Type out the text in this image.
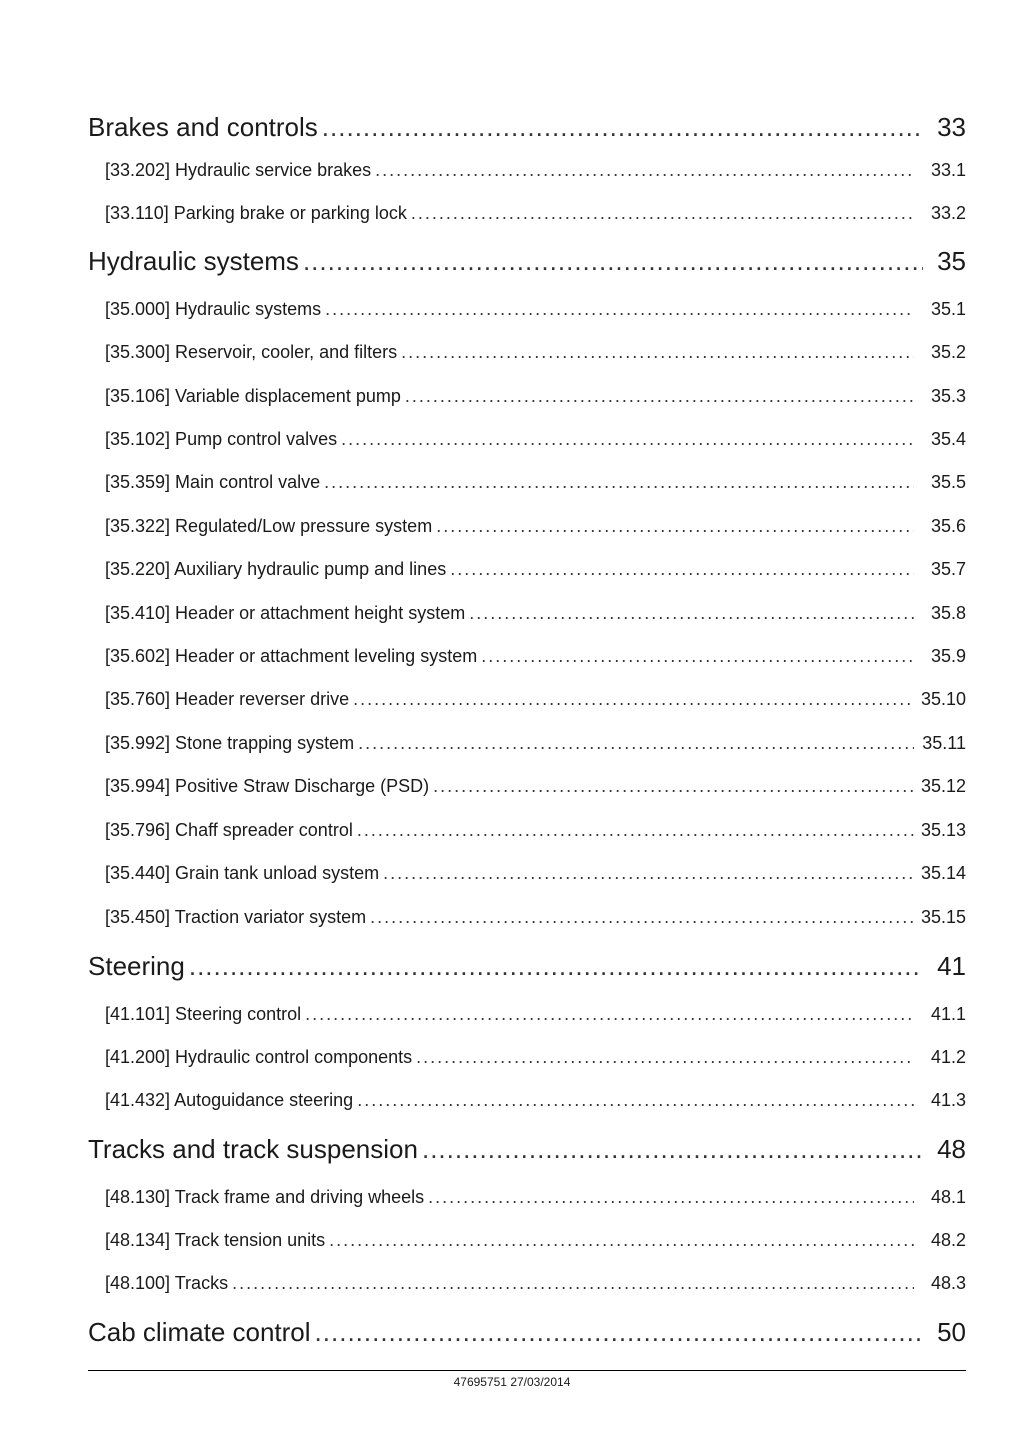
Brakes and controls .....	33
[33.202] Hydraulic service brakes .....	33.1
[33.110] Parking brake or parking lock .....	33.2
Hydraulic systems .....	35
[35.000] Hydraulic systems .....	35.1
[35.300] Reservoir, cooler, and filters .....	35.2
[35.106] Variable displacement pump .....	35.3
[35.102] Pump control valves .....	35.4
[35.359] Main control valve .....	35.5
[35.322] Regulated/Low pressure system .....	35.6
[35.220] Auxiliary hydraulic pump and lines .....	35.7
[35.410] Header or attachment height system .....	35.8
[35.602] Header or attachment leveling system .....	35.9
[35.760] Header reverser drive .....	35.10
[35.992] Stone trapping system .....	35.11
[35.994] Positive Straw Discharge (PSD) .....	35.12
[35.796] Chaff spreader control .....	35.13
[35.440] Grain tank unload system .....	35.14
[35.450] Traction variator system .....	35.15
Steering .....	41
[41.101] Steering control .....	41.1
[41.200] Hydraulic control components .....	41.2
[41.432] Autoguidance steering .....	41.3
Tracks and track suspension .....	48
[48.130] Track frame and driving wheels .....	48.1
[48.134] Track tension units .....	48.2
[48.100] Tracks .....	48.3
Cab climate control .....	50
47695751 27/03/2014
